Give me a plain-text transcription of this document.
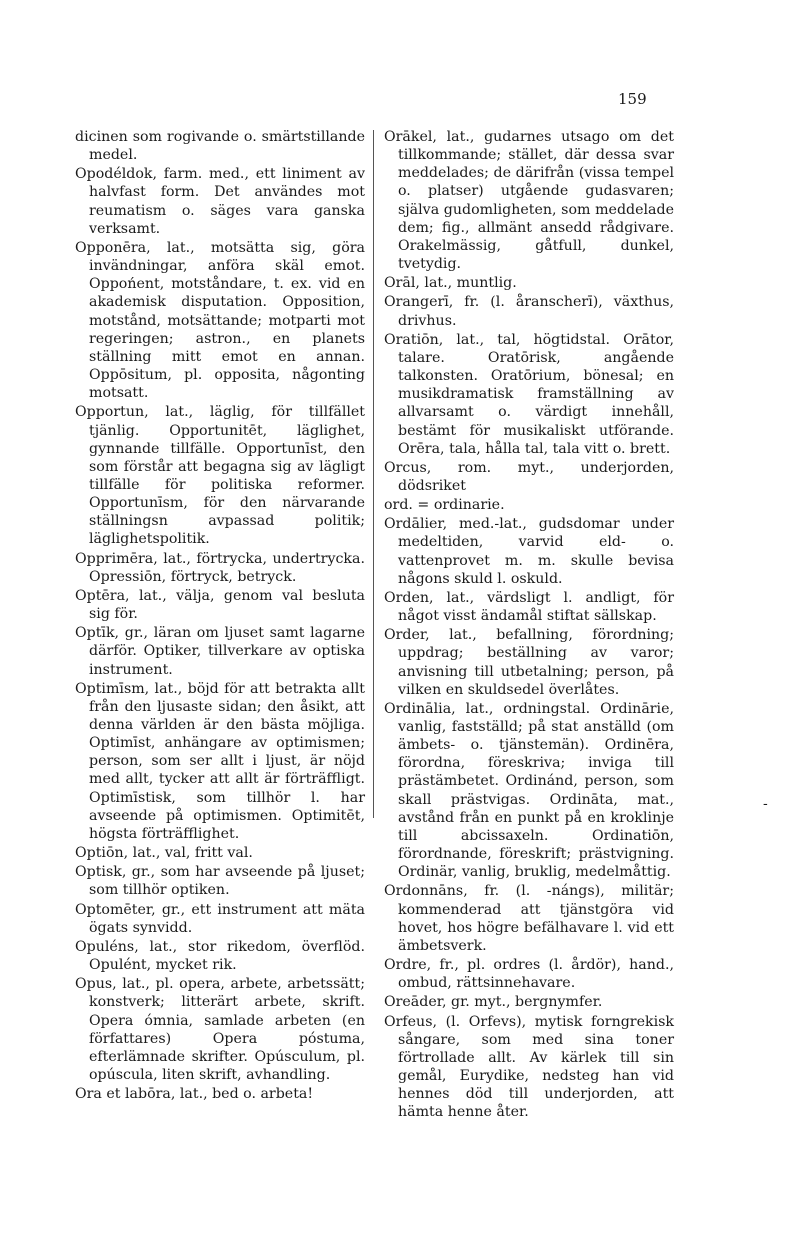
159

dicinen som rogivande o. smärtstillande medel.

Opodéldok, farm. med., ett liniment av halvfast form. Det användes mot reumatism o. säges vara ganska verksamt.

Opponēra, lat., motsätta sig, göra invändningar, anföra skäl emot. Oppońent, motståndare, t. ex. vid en akademisk disputation. Opposition, motstånd, motsättande; motparti mot regeringen; astron., en planets ställning mitt emot en annan. Oppōsitum, pl. opposita, någonting motsatt.

Opportun, lat., läglig, för tillfället tjänlig. Opportunitēt, läglighet, gynnande tillfälle. Opportunīst, den som förstår att begagna sig av lägligt tillfälle för politiska reformer. Opportunīsm, för den närvarande ställningsn avpassad politik; läglighetspolitik.

Opprimēra, lat., förtrycka, undertrycka. Opressiōn, förtryck, betryck.

Optēra, lat., välja, genom val besluta sig för.

Optīk, gr., läran om ljuset samt lagarne därför. Optiker, tillverkare av optiska instrument.

Optimīsm, lat., böjd för att betrakta allt från den ljusaste sidan; den åsikt, att denna världen är den bästa möjliga. Optimīst, anhängare av optimismen; person, som ser allt i ljust, är nöjd med allt, tycker att allt är förträffligt. Optimīstisk, som tillhör l. har avseende på optimismen. Optimitēt, högsta förträfflighet.

Optiōn, lat., val, fritt val.

Optisk, gr., som har avseende på ljuset; som tillhör optiken.

Optomēter, gr., ett instrument att mäta ögats synvidd.

Opuléns, lat., stor rikedom, överflöd. Opulént, mycket rik.

Opus, lat., pl. opera, arbete, arbetssätt; konstverk; litterärt arbete, skrift. Opera ómnia, samlade arbeten (en författares) Opera póstuma, efterlämnade skrifter. Opúsculum, pl. opúscula, liten skrift, avhandling.

Ora et labōra, lat., bed o. arbeta!

Orākel, lat., gudarnes utsago om det tillkommande; stället, där dessa svar meddelades; de därifrån (vissa tempel o. platser) utgående gudasvaren; själva gudomligheten, som meddelade dem; fig., allmänt ansedd rådgivare. Orakelmässig, gåtfull, dunkel, tvetydig.

Orāl, lat., muntlig.

Orangerī, fr. (l. åranscherī), växthus, drivhus.

Oratiōn, lat., tal, högtidstal. Orātor, talare. Oratōrisk, angående talkonsten. Oratōrium, bönesal; en musikdramatisk framställning av allvarsamt o. värdigt innehåll, bestämt för musikaliskt utförande. Orēra, tala, hålla tal, tala vitt o. brett.

Orcus, rom. myt., underjorden, dödsriket

ord. = ordinarie.

Ordālier, med.-lat., gudsdomar under medeltiden, varvid eld- o. vattenprovet m. m. skulle bevisa någons skuld l. oskuld.

Orden, lat., värdsligt l. andligt, för något visst ändamål stiftat sällskap.

Order, lat., befallning, förordning; uppdrag; beställning av varor; anvisning till utbetalning; person, på vilken en skuldsedel överlåtes.

Ordinālia, lat., ordningstal. Ordinārie, vanlig, fastställd; på stat anställd (om ämbets- o. tjänstemän). Ordinēra, förordna, föreskriva; inviga till prästämbetet. Ordinánd, person, som skall prästvigas. Ordināta, mat., avstånd från en punkt på en kroklinje till abcissaxeln. Ordinatiōn, förordnande, föreskrift; prästvigning. Ordinär, vanlig, bruklig, medelmåttig.

Ordonnāns, fr. (l. -nángs), militär; kommenderad att tjänstgöra vid hovet, hos högre befälhavare l. vid ett ämbetsverk.

Ordre, fr., pl. ordres (l. årdör), hand., ombud, rättsinnehavare.

Oreāder, gr. myt., bergnymfer.

Orfeus, (l. Orfevs), mytisk forngrekisk sångare, som med sina toner förtrollade allt. Av kärlek till sin gemål, Eurydike, nedsteg han vid hennes död till underjorden, att hämta henne åter.

-
